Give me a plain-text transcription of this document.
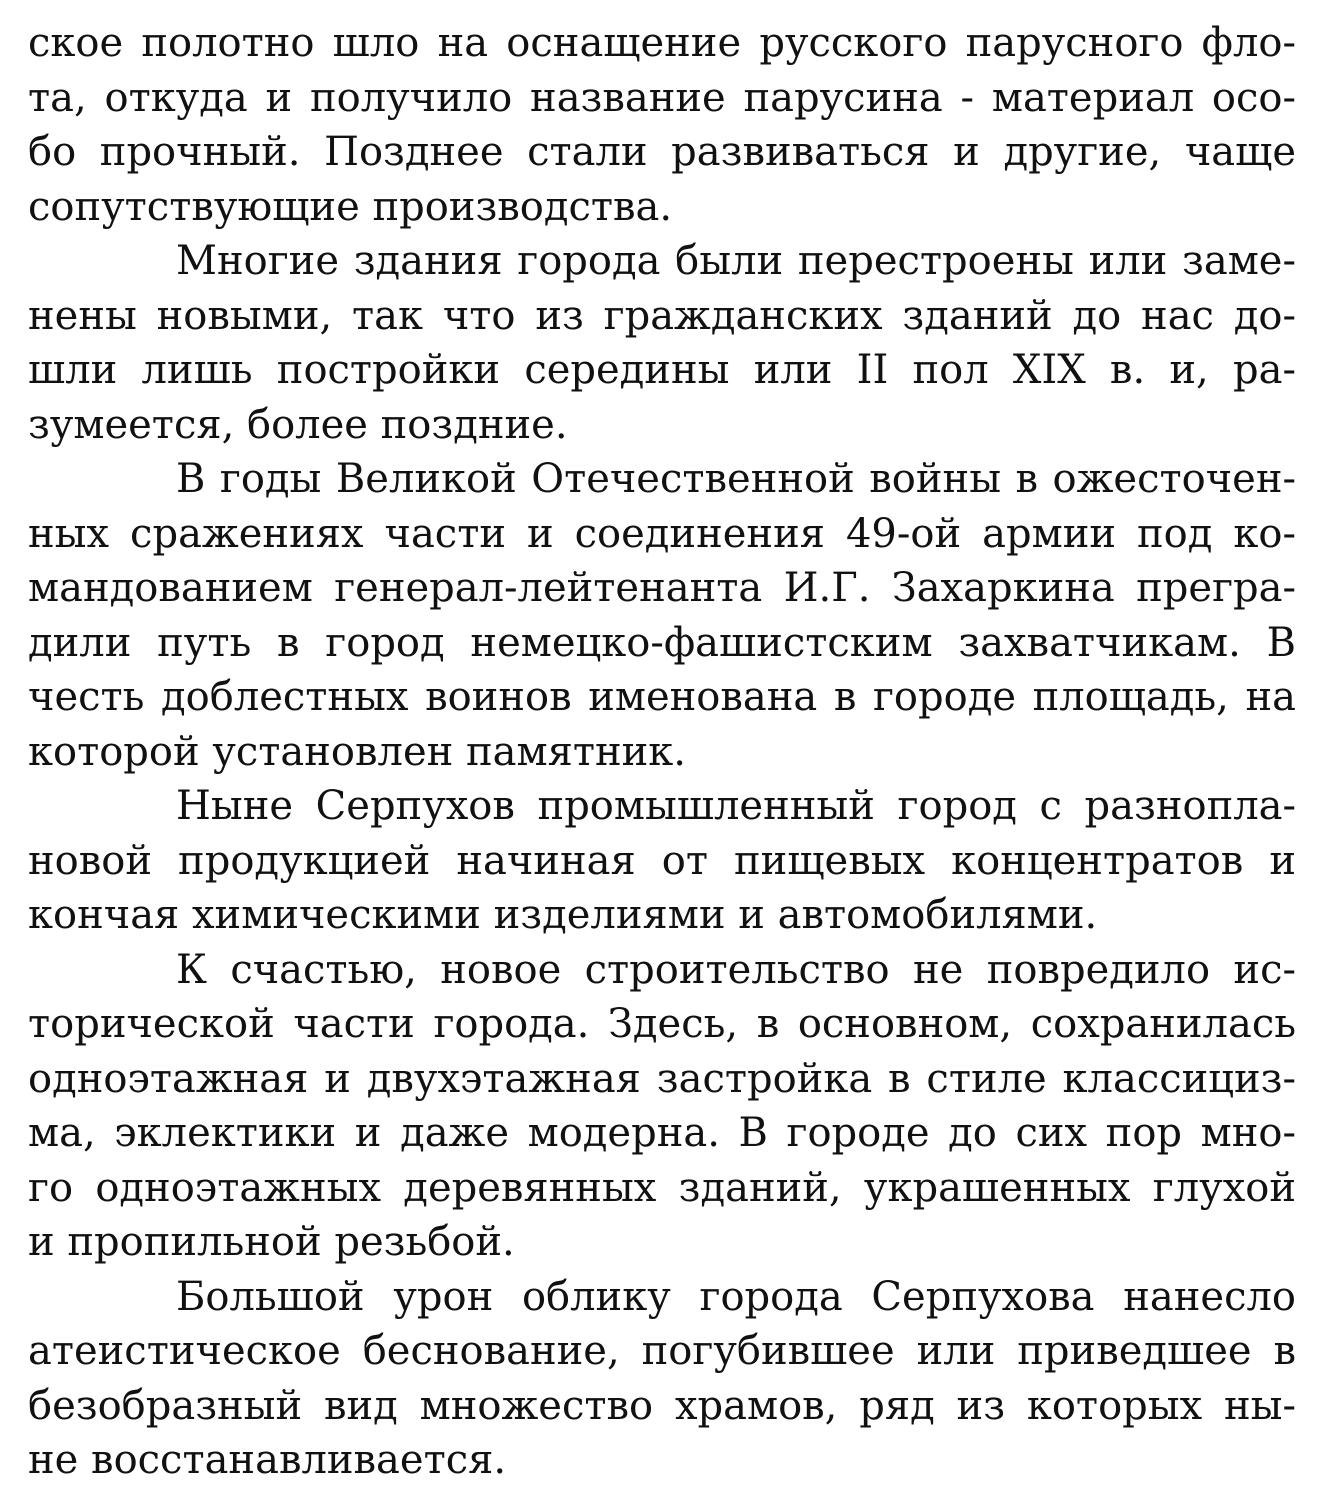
ское полотно шло на оснащение русского парусного фло-
та, откуда и получило название парусина - материал осо-
бо прочный. Позднее стали развиваться и другие, чаще
сопутствующие производства.
Многие здания города были перестроены или заме-
нены новыми, так что из гражданских зданий до нас до-
шли лишь постройки середины или II пол XIX в. и, ра-
зумеется, более поздние.
В годы Великой Отечественной войны в ожесточен-
ных сражениях части и соединения 49-ой армии под ко-
мандованием генерал-лейтенанта И.Г. Захаркина прегра-
дили путь в город немецко-фашистским захватчикам. В
честь доблестных воинов именована в городе площадь, на
которой установлен памятник.
Ныне Серпухов промышленный город с разнопла-
новой продукцией начиная от пищевых концентратов и
кончая химическими изделиями и автомобилями.
К счастью, новое строительство не повредило ис-
торической части города. Здесь, в основном, сохранилась
одноэтажная и двухэтажная застройка в стиле классициз-
ма, эклектики и даже модерна. В городе до сих пор мно-
го одноэтажных деревянных зданий, украшенных глухой
и пропильной резьбой.
Большой урон облику города Серпухова нанесло
атеистическое беснование, погубившее или приведшее в
безобразный вид множество храмов, ряд из которых ны-
не восстанавливается.
